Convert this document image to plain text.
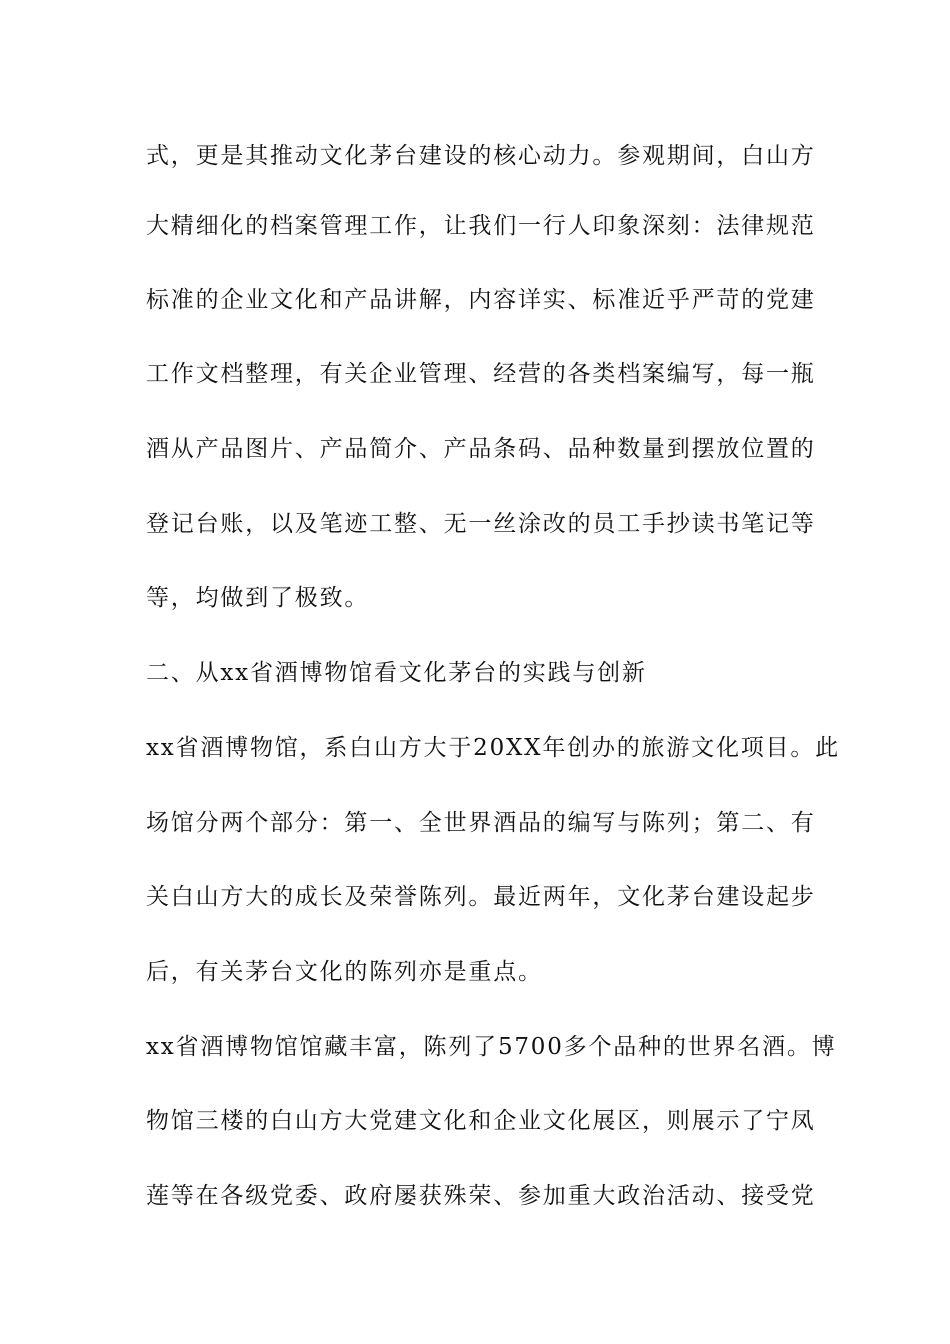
式，更是其推动文化茅台建设的核心动力。参观期间，白山方
大精细化的档案管理工作，让我们一行人印象深刻：法律规范
标准的企业文化和产品讲解，内容详实、标准近乎严苛的党建
工作文档整理，有关企业管理、经营的各类档案编写，每一瓶
酒从产品图片、产品简介、产品条码、品种数量到摆放位置的
登记台账，以及笔迹工整、无一丝涂改的员工手抄读书笔记等
等，均做到了极致。
二、从xx省酒博物馆看文化茅台的实践与创新
xx省酒博物馆，系白山方大于20XX年创办的旅游文化项目。此
场馆分两个部分：第一、全世界酒品的编写与陈列；第二、有
关白山方大的成长及荣誉陈列。最近两年，文化茅台建设起步
后，有关茅台文化的陈列亦是重点。
xx省酒博物馆馆藏丰富，陈列了5700多个品种的世界名酒。博
物馆三楼的白山方大党建文化和企业文化展区，则展示了宁凤
莲等在各级党委、政府屡获殊荣、参加重大政治活动、接受党
